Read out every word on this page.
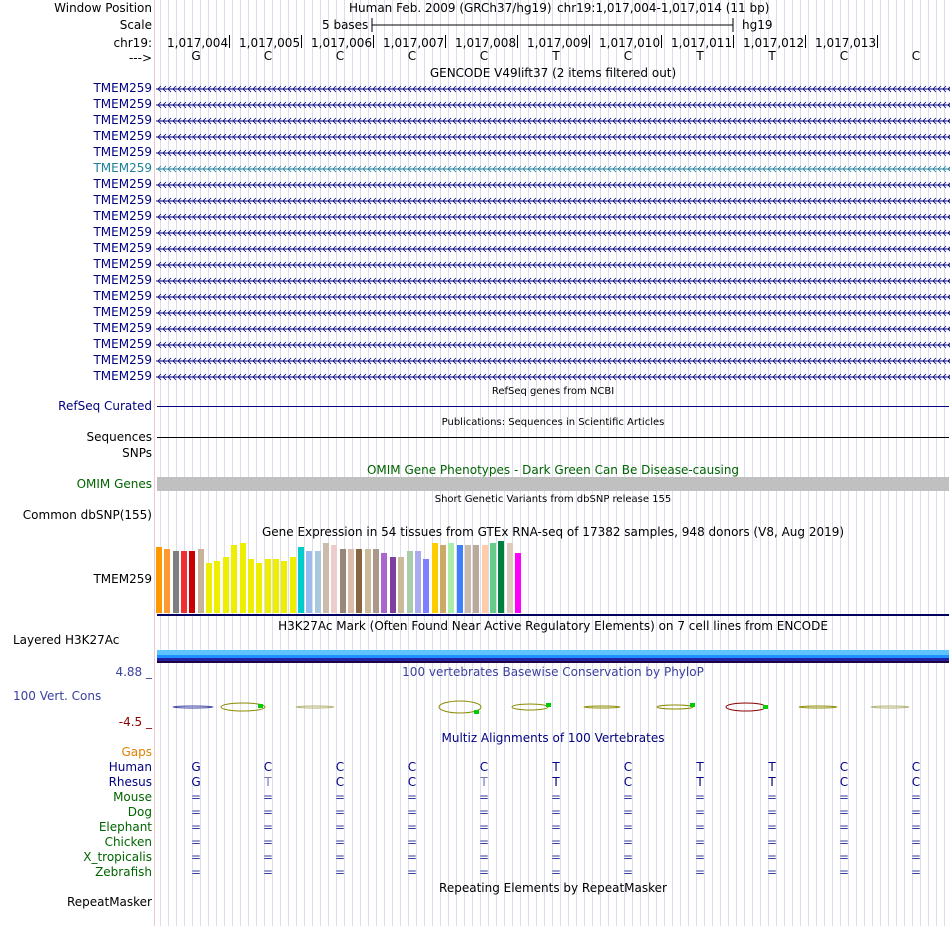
Window Position	Human Feb. 2009 (GRCh37/hg19) chr19:1,017,004-1,017,014 (11 bp)
Scale	5 bases	hg19
chr19: 1,017,004 1,017,005 1,017,006 1,017,007 1,017,008 1,017,009 1,017,010 1,017,011 1,017,012 1,017,013
--->	G	C	C	C	C	T	C	T	T	C	C
GENCODE V49lift37 (2 items filtered out)
TMEM259
TMEM259
TMEM259
TMEM259
TMEM259
TMEM259
TMEM259
TMEM259
TMEM259
TMEM259
TMEM259
TMEM259
TMEM259
TMEM259
TMEM259
TMEM259
TMEM259
TMEM259
TMEM259
RefSeq genes from NCBI
RefSeq Curated
Publications: Sequences in Scientific Articles
Sequences
SNPs
OMIM Gene Phenotypes - Dark Green Can Be Disease-causing
OMIM Genes
Short Genetic Variants from dbSNP release 155
Common dbSNP(155)
Gene Expression in 54 tissues from GTEx RNA-seq of 17382 samples, 948 donors (V8, Aug 2019)
TMEM259
H3K27Ac Mark (Often Found Near Active Regulatory Elements) on 7 cell lines from ENCODE
Layered H3K27Ac
100 vertebrates Basewise Conservation by PhyloP
4.88 _
100 Vert. Cons
-4.5 _
Multiz Alignments of 100 Vertebrates
Gaps
Human	G	C	C	C	C	T	C	T	T	C	C
Rhesus	G	T	C	C	T	T	C	T	T	C	C
Mouse	=	=	=	=	=	=	=	=	=	=	=
Dog	=	=	=	=	=	=	=	=	=	=	=
Elephant	=	=	=	=	=	=	=	=	=	=	=
Chicken	=	=	=	=	=	=	=	=	=	=	=
X_tropicalis	=	=	=	=	=	=	=	=	=	=	=
Zebrafish	=	=	=	=	=	=	=	=	=	=	=
Repeating Elements by RepeatMasker
RepeatMasker
